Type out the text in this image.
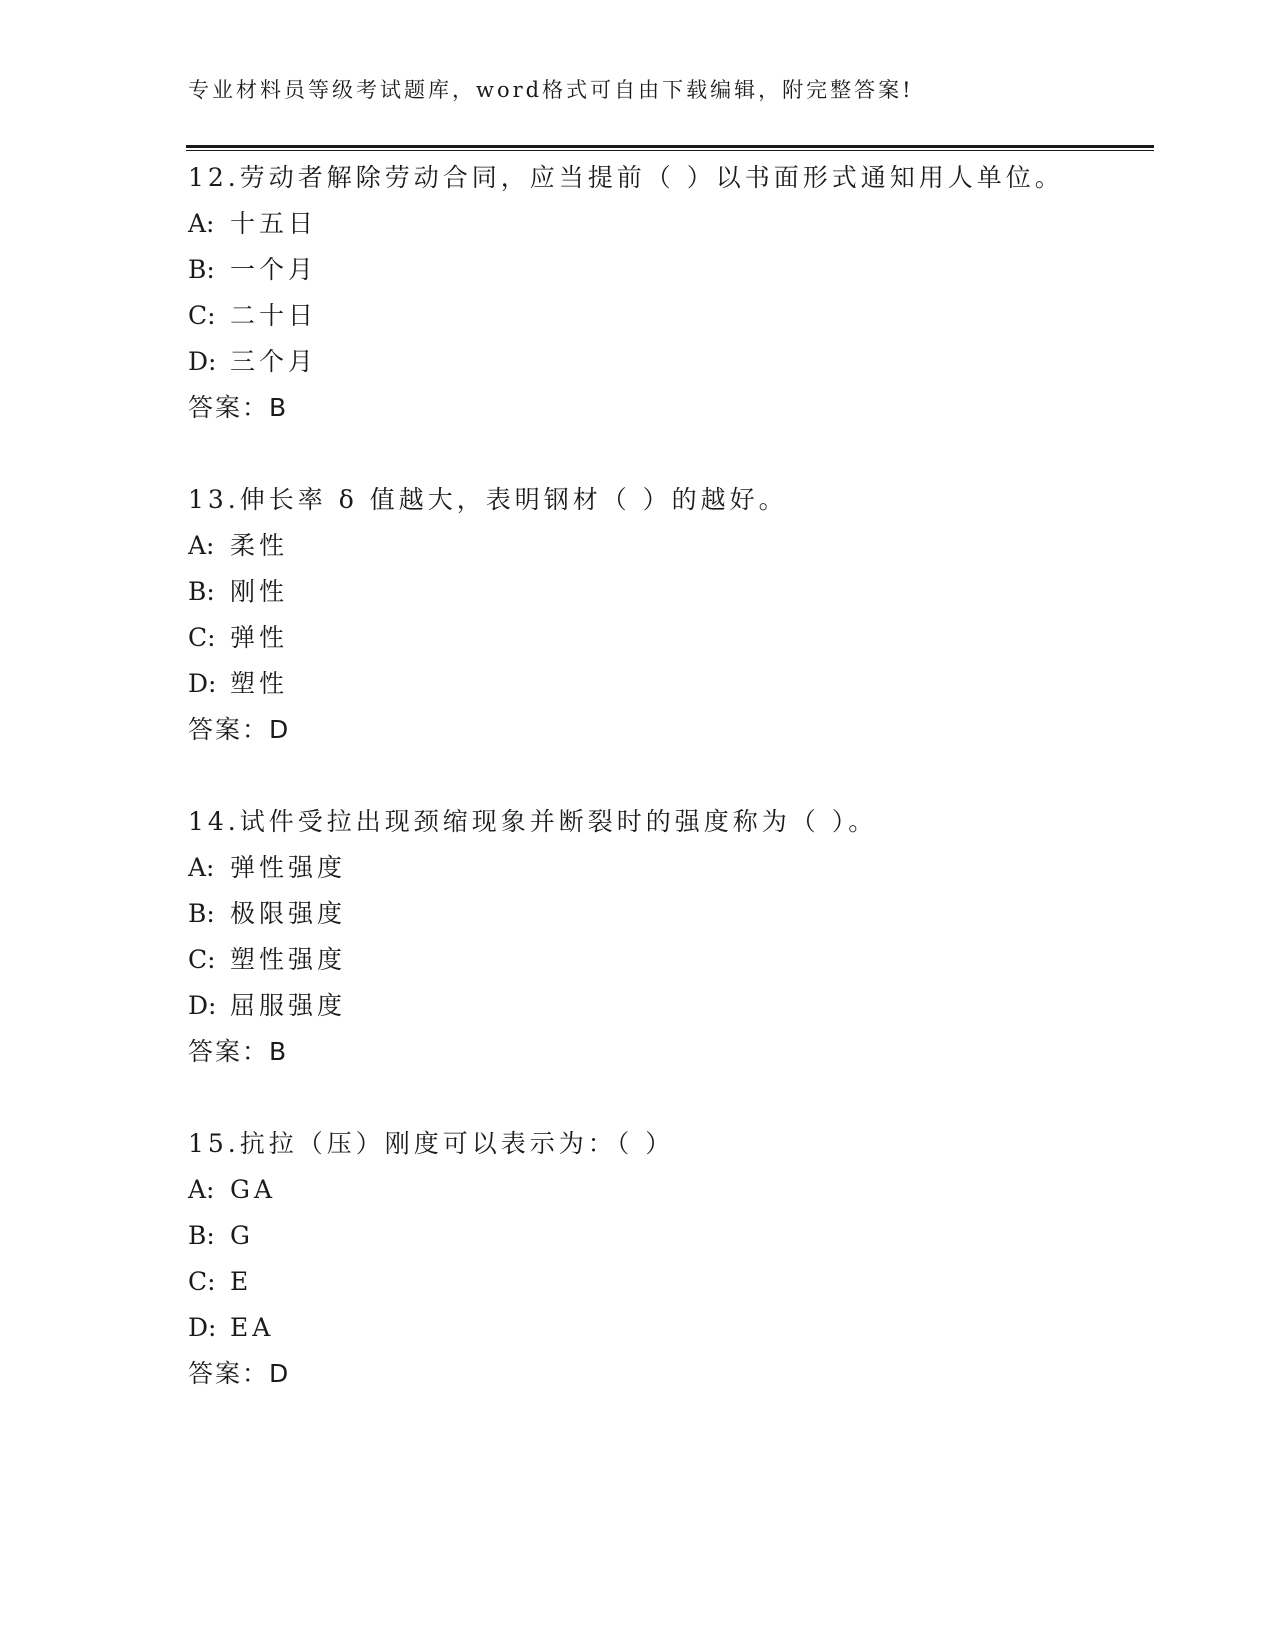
专业材料员等级考试题库，word格式可自由下载编辑，附完整答案!
12.劳动者解除劳动合同，应当提前（ ）以书面形式通知用人单位。
A: 十五日
B: 一个月
C: 二十日
D: 三个月
答案：B
13.伸长率 δ 值越大，表明钢材（ ）的越好。
A: 柔性
B: 刚性
C: 弹性
D: 塑性
答案：D
14.试件受拉出现颈缩现象并断裂时的强度称为（ ）。
A: 弹性强度
B: 极限强度
C: 塑性强度
D: 屈服强度
答案：B
15.抗拉（压）刚度可以表示为：（ ）
A: GA
B: G
C: E
D: EA
答案：D
